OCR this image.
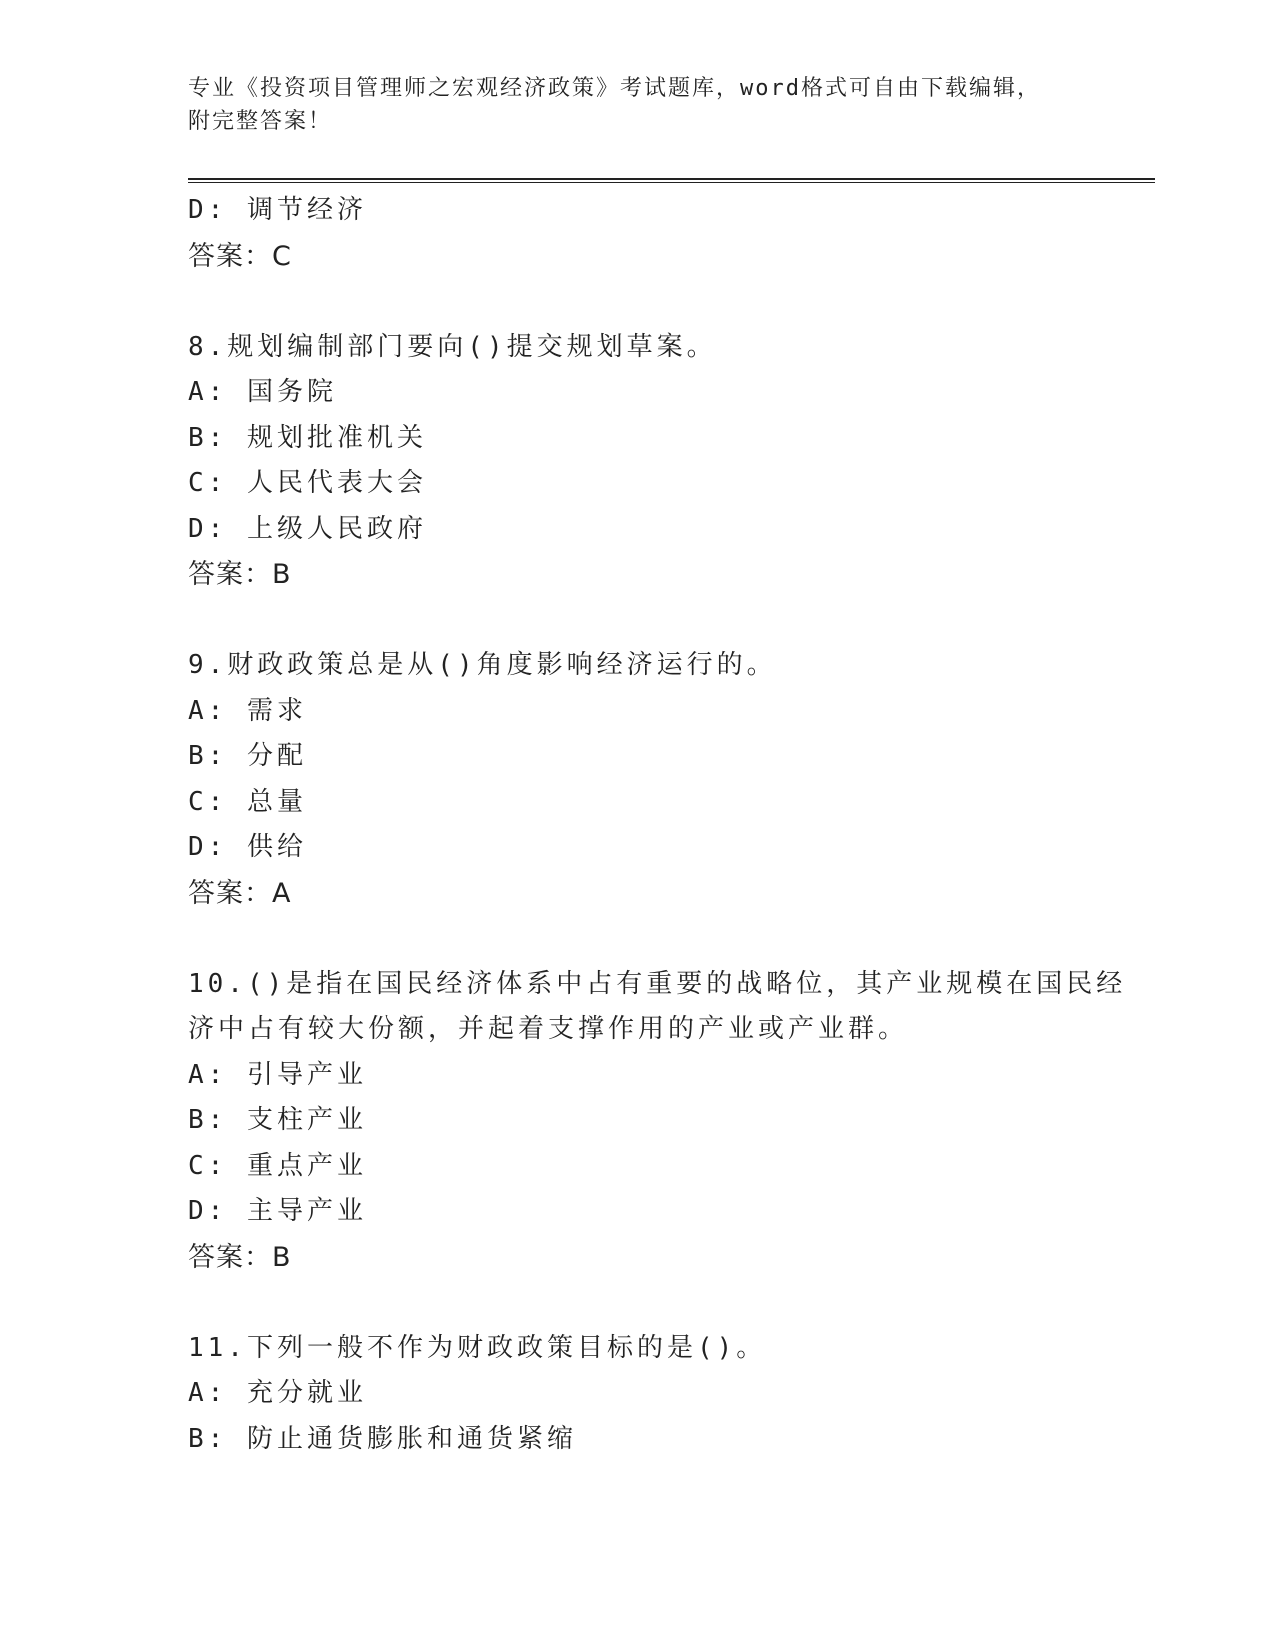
专业《投资项目管理师之宏观经济政策》考试题库，word格式可自由下载编辑，
附完整答案！
D: 调节经济
答案：C
8.规划编制部门要向()提交规划草案。
A: 国务院
B: 规划批准机关
C: 人民代表大会
D: 上级人民政府
答案：B
9.财政政策总是从()角度影响经济运行的。
A: 需求
B: 分配
C: 总量
D: 供给
答案：A
10.()是指在国民经济体系中占有重要的战略位，其产业规模在国民经
济中占有较大份额，并起着支撑作用的产业或产业群。
A: 引导产业
B: 支柱产业
C: 重点产业
D: 主导产业
答案：B
11.下列一般不作为财政政策目标的是()。
A: 充分就业
B: 防止通货膨胀和通货紧缩
